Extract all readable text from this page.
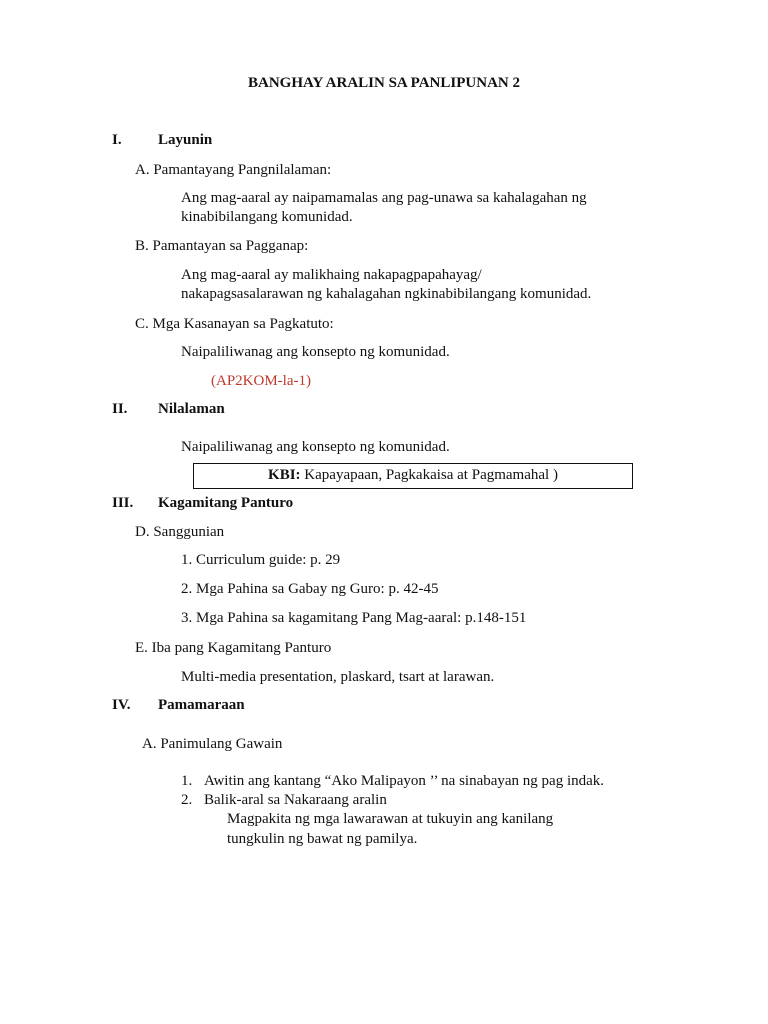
BANGHAY ARALIN SA PANLIPUNAN 2
I. Layunin
A. Pamantayang Pangnilalaman:
Ang mag-aaral ay naipamamalas ang pag-unawa sa kahalagahan ng
kinabibilangang komunidad.
B. Pamantayan sa Pagganap:
Ang mag-aaral ay malikhaing nakapagpapahayag/
nakapagsasalarawan ng kahalagahan ngkinabibilangang komunidad.
C. Mga Kasanayan sa Pagkatuto:
Naipaliliwanag ang konsepto ng komunidad.
(AP2KOM-la-1)
II. Nilalaman
Naipaliliwanag ang konsepto ng komunidad.
KBI: Kapayapaan, Pagkakaisa at Pagmamahal )
III. Kagamitang Panturo
D. Sanggunian
1. Curriculum guide: p. 29
2. Mga Pahina sa Gabay ng Guro: p. 42-45
3. Mga Pahina sa kagamitang Pang Mag-aaral: p.148-151
E. Iba pang Kagamitang Panturo
Multi-media presentation, plaskard, tsart at larawan.
IV. Pamamaraan
A. Panimulang Gawain
1. Awitin ang kantang “Ako Malipayon ’’ na sinabayan ng pag indak.
2. Balik-aral sa Nakaraang aralin
Magpakita ng mga lawarawan at tukuyin ang kanilang
tungkulin ng bawat ng pamilya.
